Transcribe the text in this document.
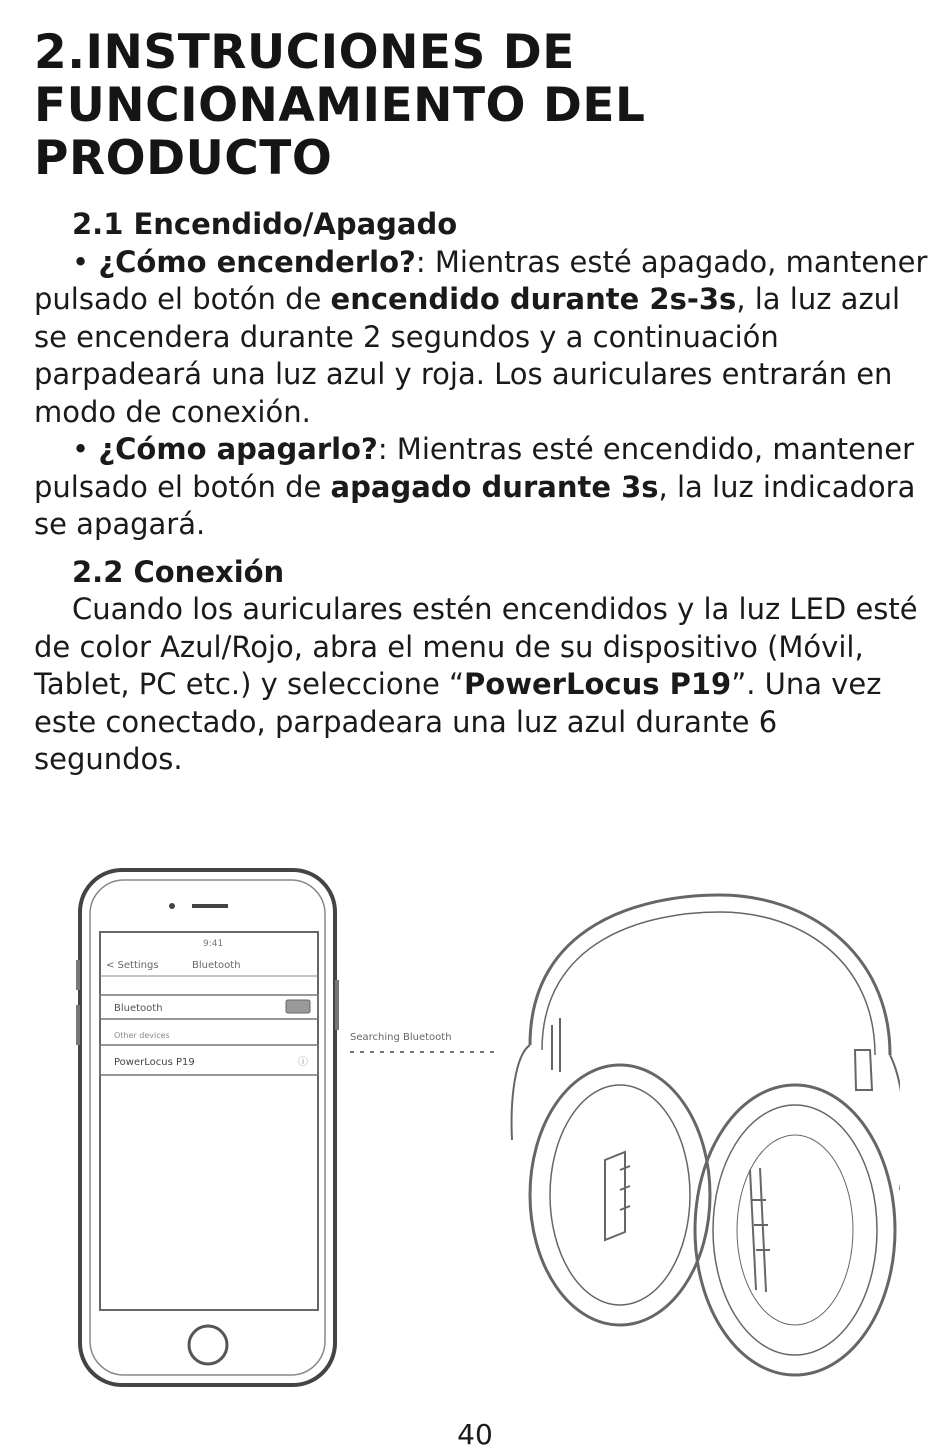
2.INSTRUCIONES DE FUNCIONAMIENTO DEL PRODUCTO

2.1 Encendido/Apagado

• ¿Cómo encenderlo?: Mientras esté apagado, mantener pulsado el botón de encendido durante 2s-3s, la luz azul se encendera durante 2 segundos y a continuación parpadeará una luz azul y roja. Los auriculares entrarán en modo de conexión.

• ¿Cómo apagarlo?: Mientras esté encendido, mantener pulsado el botón de apagado durante 3s, la luz indicadora se apagará.

2.2 Conexión

Cuando los auriculares estén encendidos y la luz LED esté de color Azul/Rojo, abra el menu de su dispositivo (Móvil, Tablet, PC etc.) y seleccione “PowerLocus P19”. Una vez este conectado, parpadeara una luz azul durante 6 segundos.

9:41
< Settings	Bluetooth
Bluetooth
Other devices
PowerLocus P19	ⓘ
Searching Bluetooth
40
